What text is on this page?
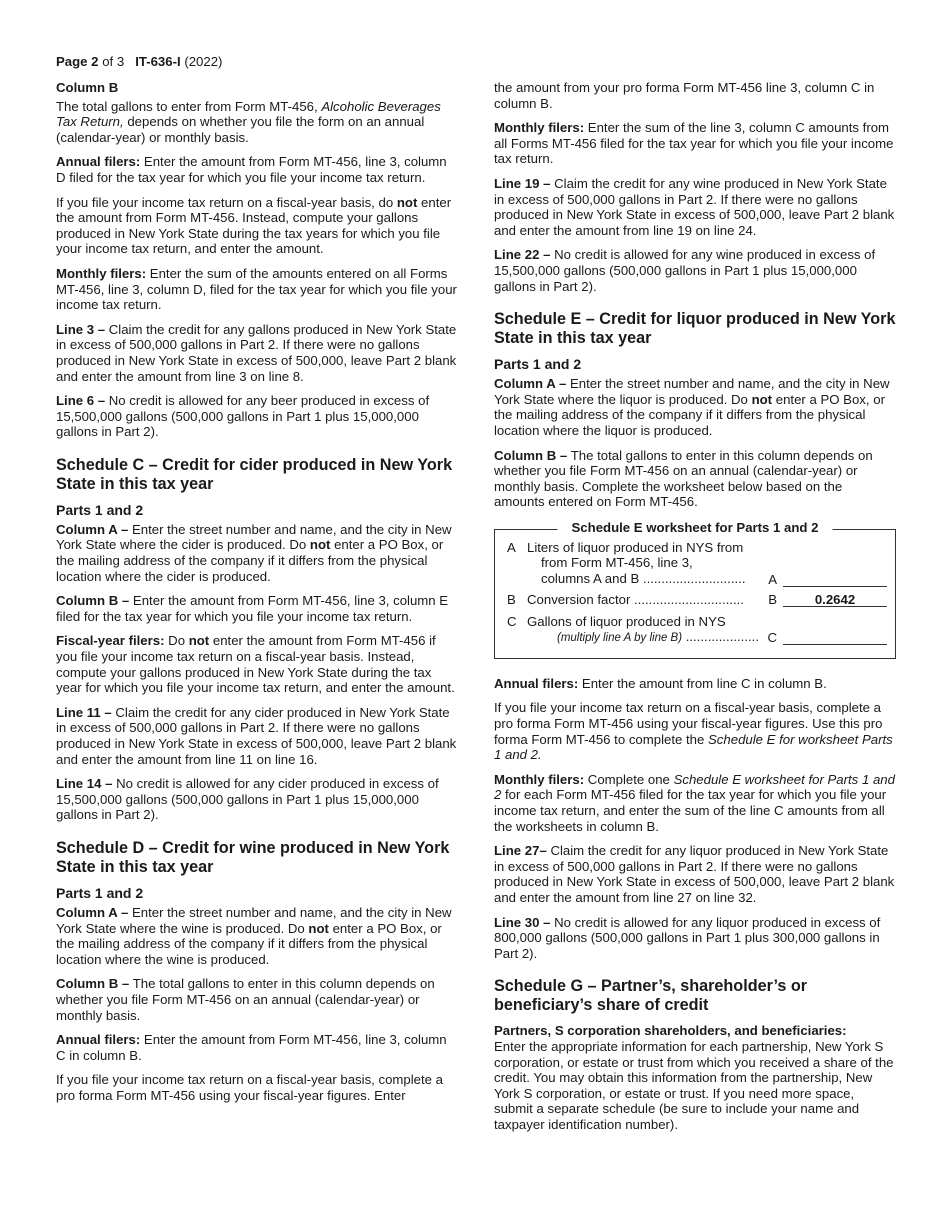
Page 2 of 3 IT-636-I (2022)
Column B

The total gallons to enter from Form MT-456, Alcoholic Beverages Tax Return, depends on whether you file the form on an annual (calendar-year) or monthly basis.

Annual filers: Enter the amount from Form MT-456, line 3, column D filed for the tax year for which you file your income tax return.

If you file your income tax return on a fiscal-year basis, do not enter the amount from Form MT-456. Instead, compute your gallons produced in New York State during the tax years for which you file your income tax return, and enter the amount.

Monthly filers: Enter the sum of the amounts entered on all Forms MT-456, line 3, column D, filed for the tax year for which you file your income tax return.

Line 3 – Claim the credit for any gallons produced in New York State in excess of 500,000 gallons in Part 2. If there were no gallons produced in New York State in excess of 500,000, leave Part 2 blank and enter the amount from line 3 on line 8.

Line 6 – No credit is allowed for any beer produced in excess of 15,500,000 gallons (500,000 gallons in Part 1 plus 15,000,000 gallons in Part 2).

Schedule C – Credit for cider produced in New York State in this tax year
Parts 1 and 2

Column A – Enter the street number and name, and the city in New York State where the cider is produced. Do not enter a PO Box, or the mailing address of the company if it differs from the physical location where the cider is produced.

Column B – Enter the amount from Form MT-456, line 3, column E filed for the tax year for which you file your income tax return.

Fiscal-year filers: Do not enter the amount from Form MT-456 if you file your income tax return on a fiscal-year basis. Instead, compute your gallons produced in New York State during the tax year for which you file your income tax return, and enter the amount.

Line 11 – Claim the credit for any cider produced in New York State in excess of 500,000 gallons in Part 2. If there were no gallons produced in New York State in excess of 500,000, leave Part 2 blank and enter the amount from line 11 on line 16.

Line 14 – No credit is allowed for any cider produced in excess of 15,500,000 gallons (500,000 gallons in Part 1 plus 15,000,000 gallons in Part 2).

Schedule D – Credit for wine produced in New York State in this tax year
Parts 1 and 2

Column A – Enter the street number and name, and the city in New York State where the wine is produced. Do not enter a PO Box, or the mailing address of the company if it differs from the physical location where the wine is produced.

Column B – The total gallons to enter in this column depends on whether you file Form MT-456 on an annual (calendar-year) or monthly basis.

Annual filers: Enter the amount from Form MT-456, line 3, column C in column B.

If you file your income tax return on a fiscal-year basis, complete a pro forma Form MT-456 using your fiscal-year figures. Enter

the amount from your pro forma Form MT-456 line 3, column C in column B.

Monthly filers: Enter the sum of the line 3, column C amounts from all Forms MT-456 filed for the tax year for which you file your income tax return.

Line 19 – Claim the credit for any wine produced in New York State in excess of 500,000 gallons in Part 2. If there were no gallons produced in New York State in excess of 500,000, leave Part 2 blank and enter the amount from line 19 on line 24.

Line 22 – No credit is allowed for any wine produced in excess of 15,500,000 gallons (500,000 gallons in Part 1 plus 15,000,000 gallons in Part 2).

Schedule E – Credit for liquor produced in New York State in this tax year
Parts 1 and 2

Column A – Enter the street number and name, and the city in New York State where the liquor is produced. Do not enter a PO Box, or the mailing address of the company if it differs from the physical location where the liquor is produced.

Column B – The total gallons to enter in this column depends on whether you file Form MT-456 on an annual (calendar-year) or monthly basis. Complete the worksheet below based on the amounts entered on Form MT-456.

Schedule E worksheet for Parts 1 and 2
A Liters of liquor produced in NYS from
from Form MT-456, line 3,
columns A and B ............................	A
B Conversion factor .............................. B	0.2642
C Gallons of liquor produced in NYS
(multiply line A by line B) .................... C

Annual filers: Enter the amount from line C in column B.

If you file your income tax return on a fiscal-year basis, complete a pro forma Form MT-456 using your fiscal-year figures. Use this pro forma Form MT-456 to complete the Schedule E for worksheet Parts 1 and 2.

Monthly filers: Complete one Schedule E worksheet for Parts 1 and 2 for each Form MT-456 filed for the tax year for which you file your income tax return, and enter the sum of the line C amounts from all the worksheets in column B.

Line 27– Claim the credit for any liquor produced in New York State in excess of 500,000 gallons in Part 2. If there were no gallons produced in New York State in excess of 500,000, leave Part 2 blank and enter the amount from line 27 on line 32.

Line 30 – No credit is allowed for any liquor produced in excess of 800,000 gallons (500,000 gallons in Part 1 plus 300,000 gallons in Part 2).

Schedule G – Partner’s, shareholder’s or beneficiary’s share of credit

Partners, S corporation shareholders, and beneficiaries:
Enter the appropriate information for each partnership, New York S corporation, or estate or trust from which you received a share of the credit. You may obtain this information from the partnership, New York S corporation, or estate or trust. If you need more space, submit a separate schedule (be sure to include your name and taxpayer identification number).
